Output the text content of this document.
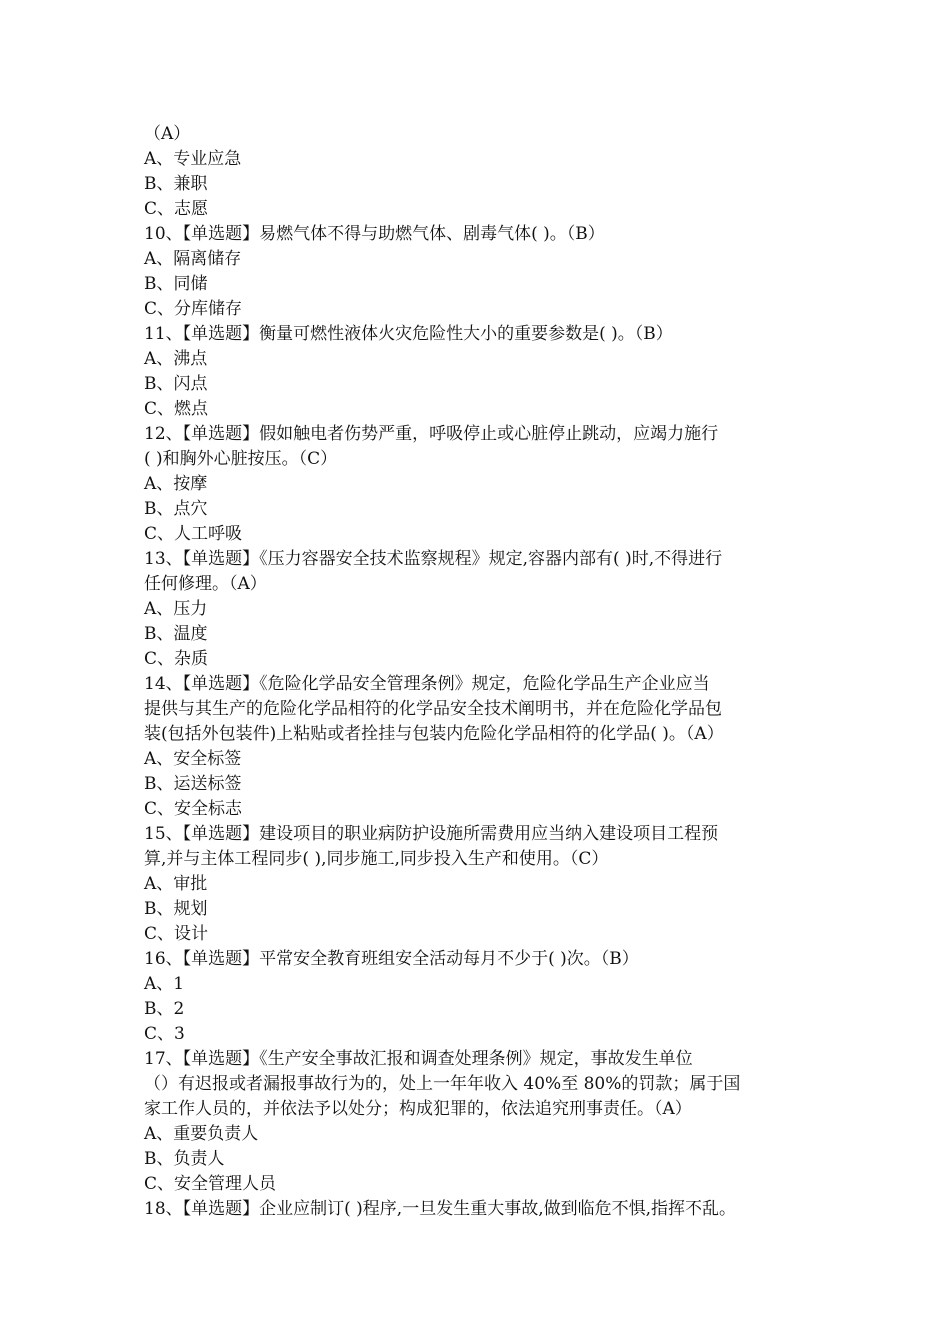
（A）
A、专业应急
B、兼职
C、志愿
10、【单选题】易燃气体不得与助燃气体、剧毒气体( )。（B）
A、隔离储存
B、同储
C、分库储存
11、【单选题】衡量可燃性液体火灾危险性大小的重要参数是( )。（B）
A、沸点
B、闪点
C、燃点
12、【单选题】假如触电者伤势严重，呼吸停止或心脏停止跳动，应竭力施行
( )和胸外心脏按压。（C）
A、按摩
B、点穴
C、人工呼吸
13、【单选题】《压力容器安全技术监察规程》规定,容器内部有( )时,不得进行
任何修理。（A）
A、压力
B、温度
C、杂质
14、【单选题】《危险化学品安全管理条例》规定，危险化学品生产企业应当
提供与其生产的危险化学品相符的化学品安全技术阐明书，并在危险化学品包
装(包括外包装件)上粘贴或者拴挂与包装内危险化学品相符的化学品( )。（A）
A、安全标签
B、运送标签
C、安全标志
15、【单选题】建设项目的职业病防护设施所需费用应当纳入建设项目工程预
算,并与主体工程同步( ),同步施工,同步投入生产和使用。（C）
A、审批
B、规划
C、设计
16、【单选题】平常安全教育班组安全活动每月不少于( )次。（B）
A、1
B、2
C、3
17、【单选题】《生产安全事故汇报和调查处理条例》规定，事故发生单位
（）有迟报或者漏报事故行为的，处上一年年收入 40%至 80%的罚款；属于国
家工作人员的，并依法予以处分；构成犯罪的，依法追究刑事责任。（A）
A、重要负责人
B、负责人
C、安全管理人员
18、【单选题】企业应制订( )程序,一旦发生重大事故,做到临危不惧,指挥不乱。
